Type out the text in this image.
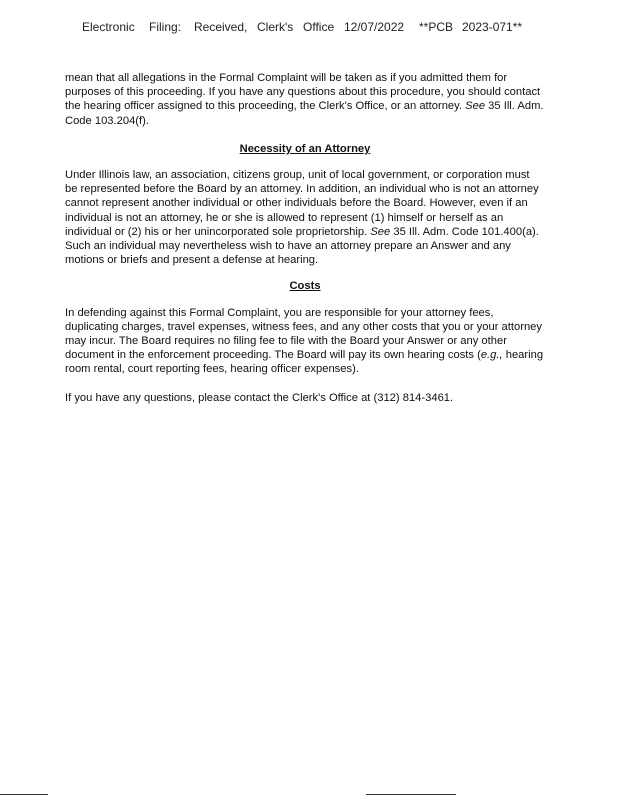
Electronic Filing: Received, Clerk's Office 12/07/2022 **PCB 2023-071**

mean that all allegations in the Formal Complaint will be taken as if you admitted them for purposes of this proceeding. If you have any questions about this procedure, you should contact the hearing officer assigned to this proceeding, the Clerk's Office, or an attorney. See 35 Ill. Adm. Code 103.204(f).

Necessity of an Attorney

Under Illinois law, an association, citizens group, unit of local government, or corporation must be represented before the Board by an attorney. In addition, an individual who is not an attorney cannot represent another individual or other individuals before the Board. However, even if an individual is not an attorney, he or she is allowed to represent (1) himself or herself as an individual or (2) his or her unincorporated sole proprietorship. See 35 Ill. Adm. Code 101.400(a). Such an individual may nevertheless wish to have an attorney prepare an Answer and any motions or briefs and present a defense at hearing.

Costs

In defending against this Formal Complaint, you are responsible for your attorney fees, duplicating charges, travel expenses, witness fees, and any other costs that you or your attorney may incur. The Board requires no filing fee to file with the Board your Answer or any other document in the enforcement proceeding. The Board will pay its own hearing costs (e.g., hearing room rental, court reporting fees, hearing officer expenses).

If you have any questions, please contact the Clerk's Office at (312) 814-3461.
